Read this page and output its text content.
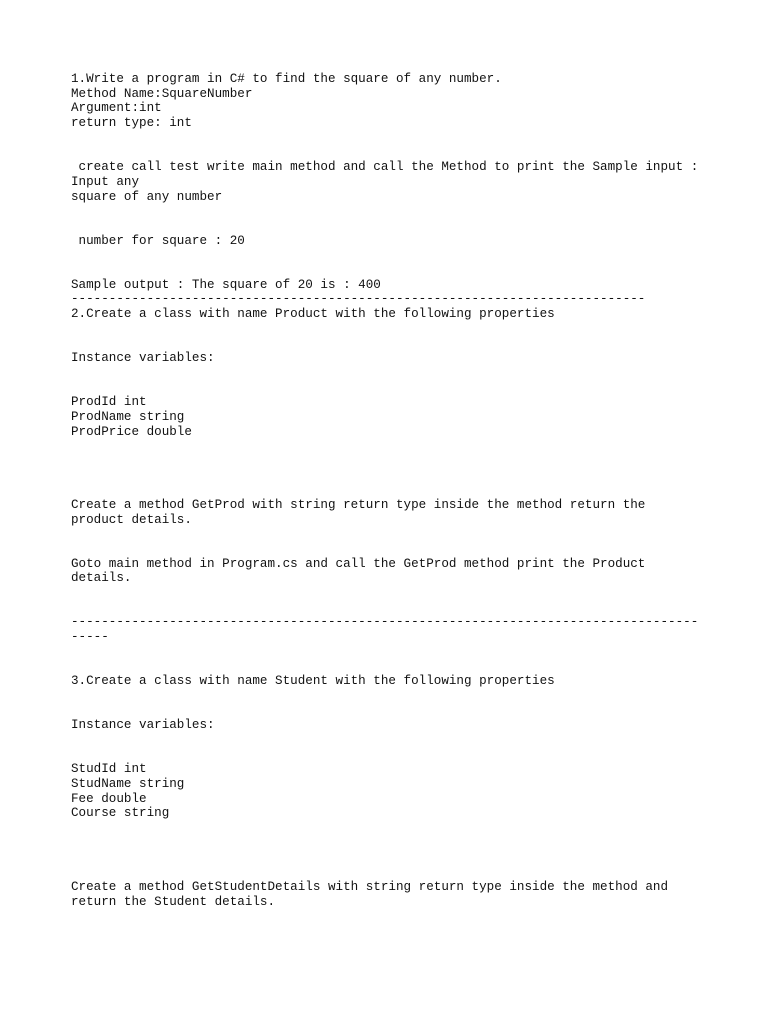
1.Write a program in C# to find the square of any number.
Method Name:SquareNumber
Argument:int
return type: int
create call test write main method and call the Method to print the Sample input :
Input any
square of any number
number for square : 20
Sample output : The square of 20 is : 400
----------------------------------------------------------------------------
2.Create a class with name Product with the following properties
Instance variables:
ProdId int
ProdName string
ProdPrice double
Create a method GetProd with string return type inside the method return the
product details.
Goto main method in Program.cs and call the GetProd method print the Product
details.
-----------------------------------------------------------------------------------
-----
3.Create a class with name Student with the following properties
Instance variables:
StudId int
StudName string
Fee double
Course string
Create a method GetStudentDetails with string return type inside the method and
return the Student details.
